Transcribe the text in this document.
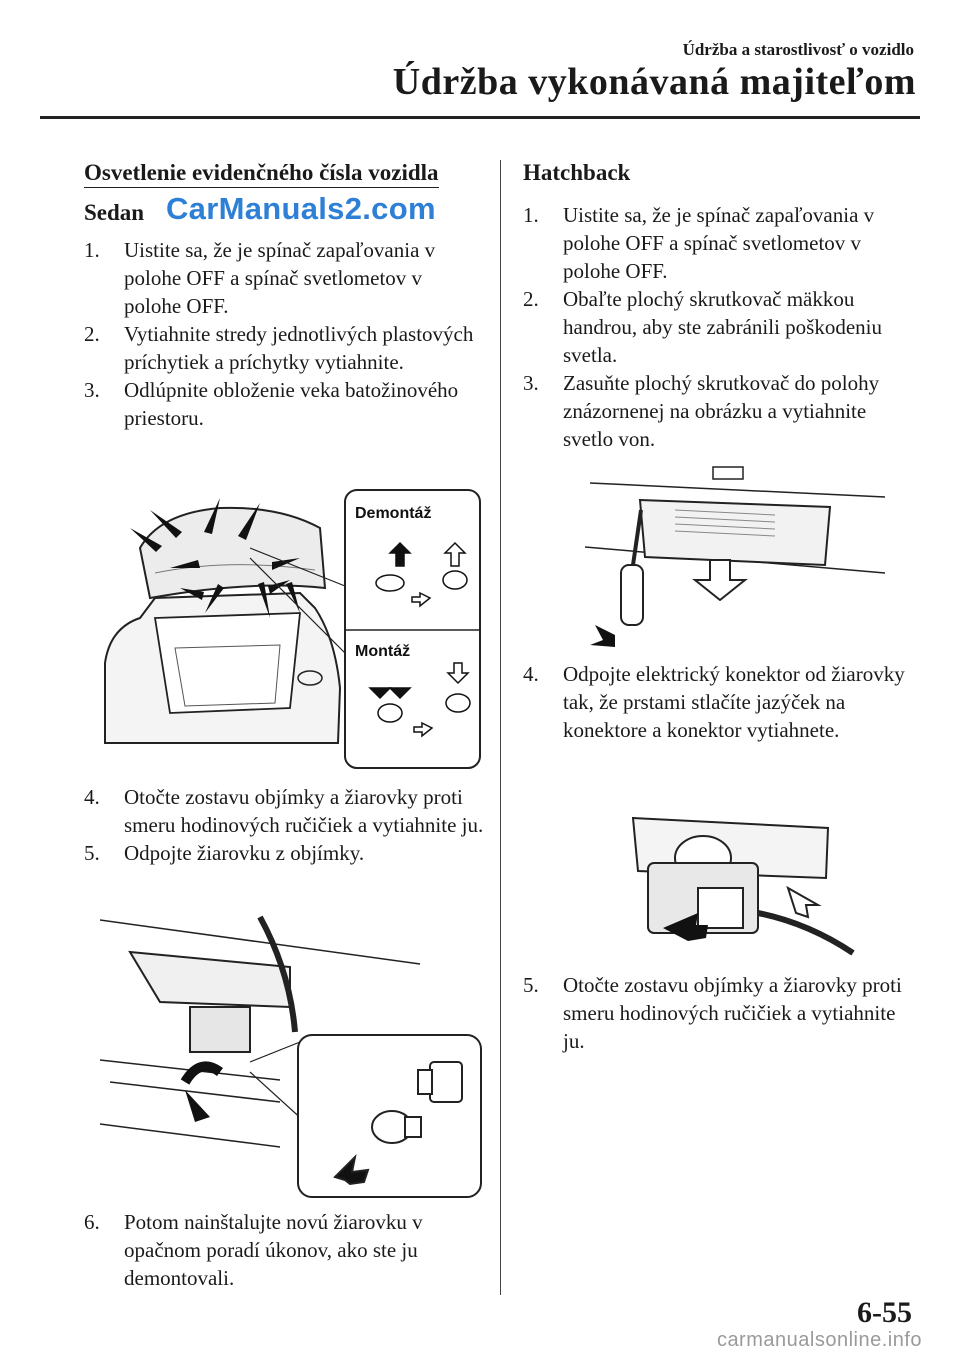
Údržba a starostlivosť o vozidlo
Údržba vykonávaná majiteľom
Osvetlenie evidenčného čísla vozidla
Sedan CarManuals2.com
1.	Uistite sa, že je spínač zapaľovania v polohe OFF a spínač svetlometov v polohe OFF.
2.	Vytiahnite stredy jednotlivých plastových príchytiek a príchytky vytiahnite.
3.	Odlúpnite obloženie veka batožinového priestoru.
Demontáž
Montáž
4.	Otočte zostavu objímky a žiarovky proti smeru hodinových ručičiek a vytiahnite ju.
5.	Odpojte žiarovku z objímky.
6.	Potom nainštalujte novú žiarovku v opačnom poradí úkonov, ako ste ju demontovali.
Hatchback
1.	Uistite sa, že je spínač zapaľovania v polohe OFF a spínač svetlometov v polohe OFF.
2.	Obaľte plochý skrutkovač mäkkou handrou, aby ste zabránili poškodeniu svetla.
3.	Zasuňte plochý skrutkovač do polohy znázornenej na obrázku a vytiahnite svetlo von.
4.	Odpojte elektrický konektor od žiarovky tak, že prstami stlačíte jazýček na konektore a konektor vytiahnete.
5.	Otočte zostavu objímky a žiarovky proti smeru hodinových ručičiek a vytiahnite ju.
6-55
carmanualsonline.info
